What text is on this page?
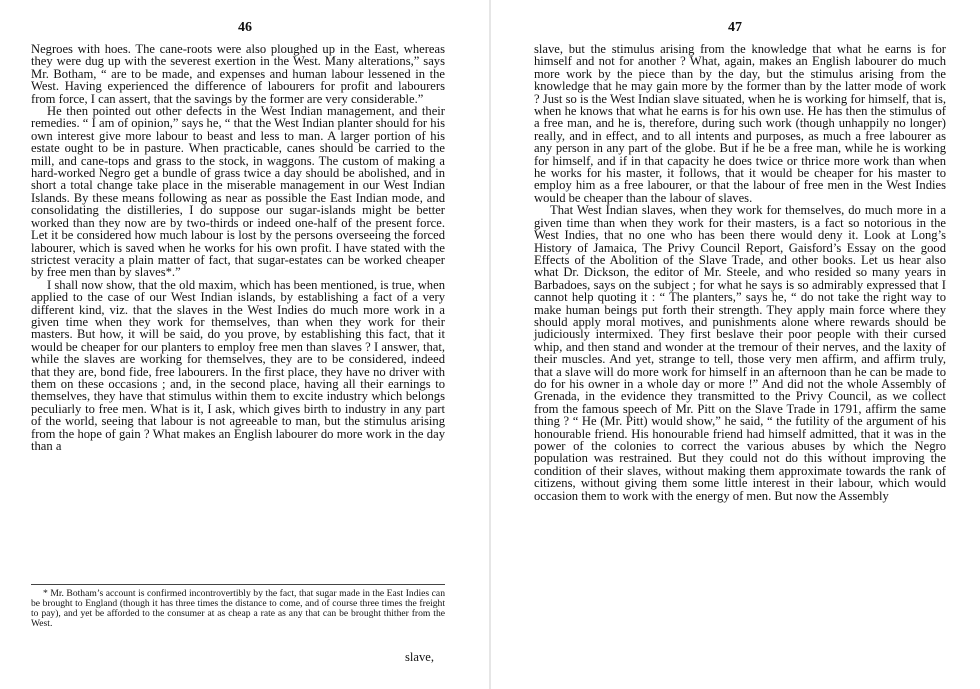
46

Negroes with hoes. The cane-roots were also ploughed up in the East, whereas they were dug up with the severest exertion in the West. Many alterations,” says Mr. Botham, “ are to be made, and expenses and human labour lessened in the West. Having experienced the difference of labourers for profit and labourers from force, I can assert, that the savings by the former are very considerable.”

He then pointed out other defects in the West Indian management, and their remedies. “ I am of opinion,” says he, “ that the West Indian planter should for his own interest give more labour to beast and less to man. A larger portion of his estate ought to be in pasture. When practicable, canes should be carried to the mill, and cane-tops and grass to the stock, in waggons. The custom of making a hard-worked Negro get a bundle of grass twice a day should be abolished, and in short a total change take place in the miserable management in our West Indian Islands. By these means following as near as possible the East Indian mode, and consolidating the distilleries, I do suppose our sugar-islands might be better worked than they now are by two-thirds or indeed one-half of the present force. Let it be considered how much labour is lost by the persons overseeing the forced labourer, which is saved when he works for his own profit. I have stated with the strictest veracity a plain matter of fact, that sugar-estates can be worked cheaper by free men than by slaves*.”

I shall now show, that the old maxim, which has been mentioned, is true, when applied to the case of our West Indian islands, by establishing a fact of a very different kind, viz. that the slaves in the West Indies do much more work in a given time when they work for themselves, than when they work for their masters. But how, it will be said, do you prove, by establishing this fact, that it would be cheaper for our planters to employ free men than slaves ? I answer, that, while the slaves are working for themselves, they are to be considered, indeed that they are, bond fide, free labourers. In the first place, they have no driver with them on these occasions ; and, in the second place, having all their earnings to themselves, they have that stimulus within them to excite industry which belongs peculiarly to free men. What is it, I ask, which gives birth to industry in any part of the world, seeing that labour is not agreeable to man, but the stimulus arising from the hope of gain ? What makes an English labourer do more work in the day than a

* Mr. Botham’s account is confirmed incontrovertibly by the fact, that sugar made in the East Indies can be brought to England (though it has three times the distance to come, and of course three times the freight to pay), and yet be afforded to the consumer at as cheap a rate as any that can be brought thither from the West.

slave,
47

slave, but the stimulus arising from the knowledge that what he earns is for himself and not for another ? What, again, makes an English labourer do much more work by the piece than by the day, but the stimulus arising from the knowledge that he may gain more by the former than by the latter mode of work ? Just so is the West Indian slave situated, when he is working for himself, that is, when he knows that what he earns is for his own use. He has then the stimulus of a free man, and he is, therefore, during such work (though unhappily no longer) really, and in effect, and to all intents and purposes, as much a free labourer as any person in any part of the globe. But if he be a free man, while he is working for himself, and if in that capacity he does twice or thrice more work than when he works for his master, it follows, that it would be cheaper for his master to employ him as a free labourer, or that the labour of free men in the West Indies would be cheaper than the labour of slaves.

That West Indian slaves, when they work for themselves, do much more in a given time than when they work for their masters, is a fact so notorious in the West Indies, that no one who has been there would deny it. Look at Long’s History of Jamaica, The Privy Council Report, Gaisford’s Essay on the good Effects of the Abolition of the Slave Trade, and other books. Let us hear also what Dr. Dickson, the editor of Mr. Steele, and who resided so many years in Barbadoes, says on the subject ; for what he says is so admirably expressed that I cannot help quoting it : “ The planters,” says he, “ do not take the right way to make human beings put forth their strength. They apply main force where they should apply moral motives, and punishments alone where rewards should be judiciously intermixed. They first beslave their poor people with their cursed whip, and then stand and wonder at the tremour of their nerves, and the laxity of their muscles. And yet, strange to tell, those very men affirm, and affirm truly, that a slave will do more work for himself in an afternoon than he can be made to do for his owner in a whole day or more !” And did not the whole Assembly of Grenada, in the evidence they transmitted to the Privy Council, as we collect from the famous speech of Mr. Pitt on the Slave Trade in 1791, affirm the same thing ? “ He (Mr. Pitt) would show,” he said, “ the futility of the argument of his honourable friend. His honourable friend had himself admitted, that it was in the power of the colonies to correct the various abuses by which the Negro population was restrained. But they could not do this without improving the condition of their slaves, without making them approximate towards the rank of citizens, without giving them some little interest in their labour, which would occasion them to work with the energy of men. But now the Assembly
